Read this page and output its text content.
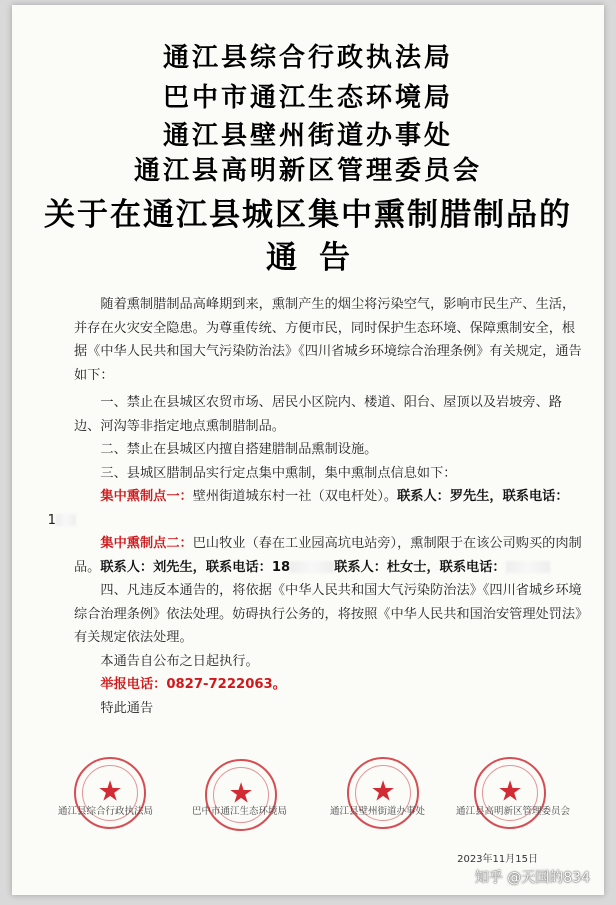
通江县综合行政执法局
巴中市通江生态环境局
通江县壁州街道办事处
通江县高明新区管理委员会
关于在通江县城区集中熏制腊制品的
通告

随着熏制腊制品高峰期到来，熏制产生的烟尘将污染空气，影响市民生产、生活，并存在火灾安全隐患。为尊重传统、方便市民，同时保护生态环境、保障熏制安全，根据《中华人民共和国大气污染防治法》《四川省城乡环境综合治理条例》有关规定，通告如下：

一、禁止在县城区农贸市场、居民小区院内、楼道、阳台、屋顶以及岩坡旁、路边、河沟等非指定地点熏制腊制品。

二、禁止在县城区内擅自搭建腊制品熏制设施。

三、县城区腊制品实行定点集中熏制，集中熏制点信息如下：

集中熏制点一：壁州街道城东村一社（双电杆处）。联系人：罗先生，联系电话：
1

集中熏制点二：巴山牧业（春在工业园高坑电站旁），熏制限于在该公司购买的肉制品。联系人：刘先生，联系电话：18	联系人：杜女士，联系电话：

四、凡违反本通告的，将依据《中华人民共和国大气污染防治法》《四川省城乡环境综合治理条例》依法处理。妨碍执行公务的，将按照《中华人民共和国治安管理处罚法》有关规定依法处理。

本通告自公布之日起执行。

举报电话：0827-7222063。

特此通告

★	★	★	★
通江县综合行政执法局	巴中市通江生态环境局	通江县壁州街道办事处	通江县高明新区管理委员会
2023年11月15日
知乎 @天国的834
